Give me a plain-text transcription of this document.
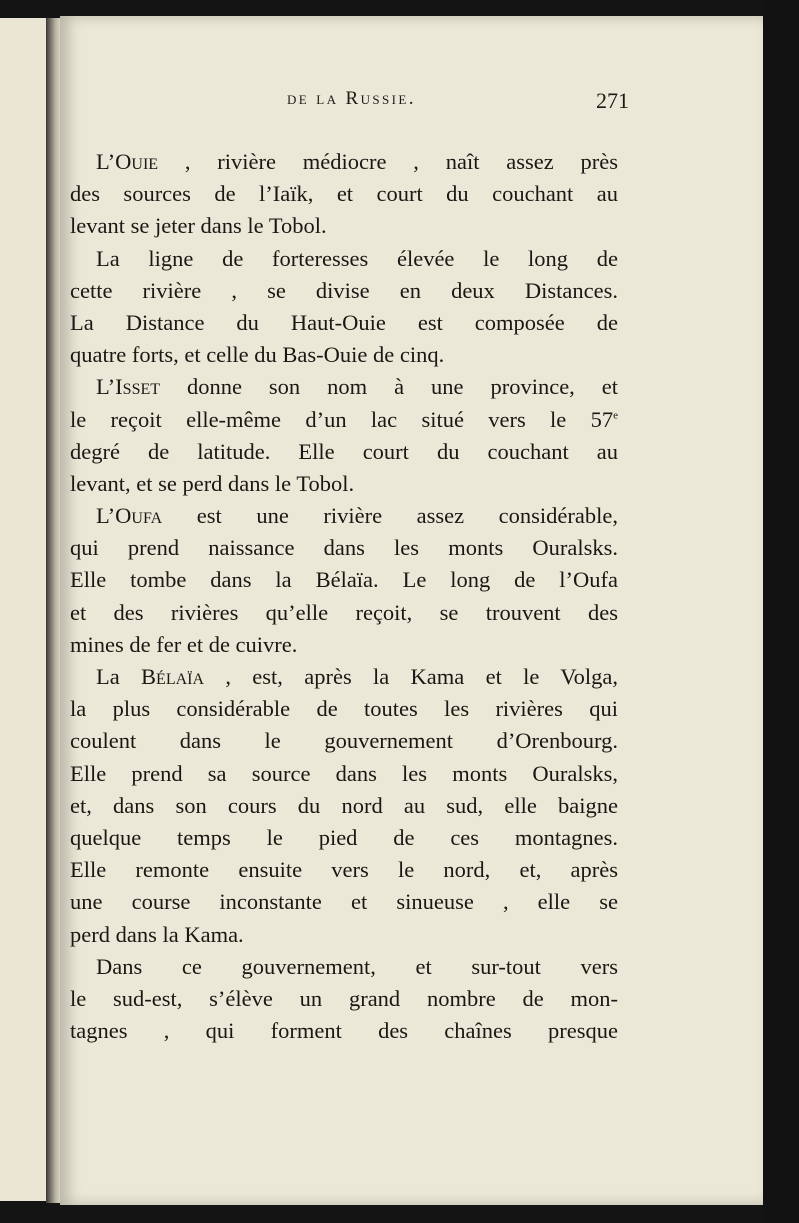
de la Russie.	271
L’Ouie , rivière médiocre , naît assez près
des sources de l’Iaïk, et court du couchant au
levant se jeter dans le Tobol.
La ligne de forteresses élevée le long de
cette rivière , se divise en deux Distances.
La Distance du Haut-Ouie est composée de
quatre forts, et celle du Bas-Ouie de cinq.
L’Isset donne son nom à une province, et
le reçoit elle-même d’un lac situé vers le 57e
degré de latitude. Elle court du couchant au
levant, et se perd dans le Tobol.
L’Oufa est une rivière assez considérable,
qui prend naissance dans les monts Ouralsks.
Elle tombe dans la Bélaïa. Le long de l’Oufa
et des rivières qu’elle reçoit, se trouvent des
mines de fer et de cuivre.
La Bélaïa , est, après la Kama et le Volga,
la plus considérable de toutes les rivières qui
coulent dans le gouvernement d’Orenbourg.
Elle prend sa source dans les monts Ouralsks,
et, dans son cours du nord au sud, elle baigne
quelque temps le pied de ces montagnes.
Elle remonte ensuite vers le nord, et, après
une course inconstante et sinueuse , elle se
perd dans la Kama.
Dans ce gouvernement, et sur-tout vers
le sud-est, s’élève un grand nombre de mon-
tagnes , qui forment des chaînes presque
